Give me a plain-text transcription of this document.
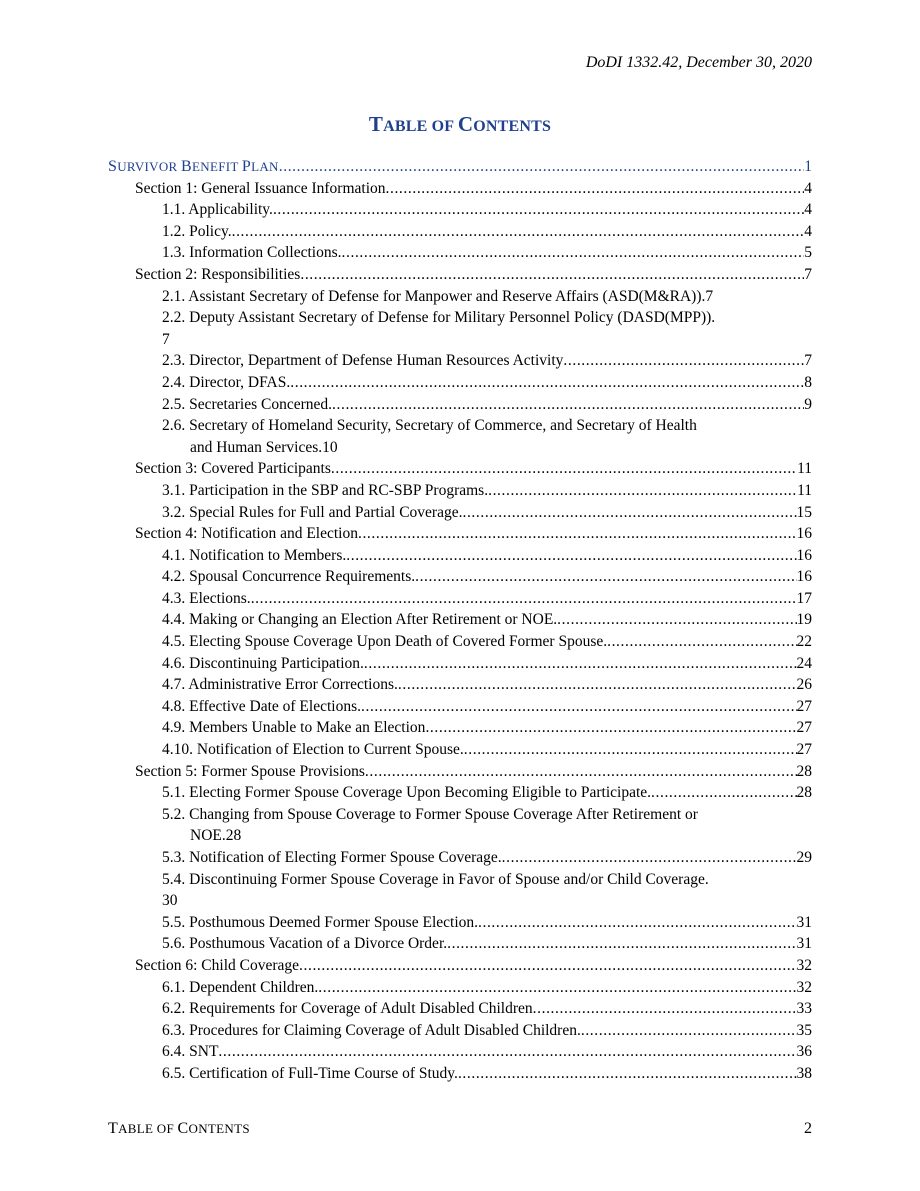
DoDI 1332.42, December 30, 2020
TABLE OF CONTENTS
SURVIVOR BENEFIT PLAN .....	1
Section 1: General Issuance Information .....	4
1.1. Applicability. .....	4
1.2. Policy. .....	4
1.3. Information Collections. .....	5
Section 2: Responsibilities .....	7
2.1. Assistant Secretary of Defense for Manpower and Reserve Affairs (ASD(M&RA)). 7
2.2. Deputy Assistant Secretary of Defense for Military Personnel Policy (DASD(MPP)).
7
2.3. Director, Department of Defense Human Resources Activity .....	7
2.4. Director, DFAS. .....	8
2.5. Secretaries Concerned. .....	9
2.6. Secretary of Homeland Security, Secretary of Commerce, and Secretary of Health
and Human Services. 10
Section 3: Covered Participants .....	11
3.1. Participation in the SBP and RC-SBP Programs. .....	11
3.2. Special Rules for Full and Partial Coverage. .....	15
Section 4: Notification and Election .....	16
4.1. Notification to Members. .....	16
4.2. Spousal Concurrence Requirements. .....	16
4.3. Elections. .....	17
4.4. Making or Changing an Election After Retirement or NOE. .....	19
4.5. Electing Spouse Coverage Upon Death of Covered Former Spouse. .....	22
4.6. Discontinuing Participation. .....	24
4.7. Administrative Error Corrections. .....	26
4.8. Effective Date of Elections. .....	27
4.9. Members Unable to Make an Election .....	27
4.10. Notification of Election to Current Spouse. .....	27
Section 5: Former Spouse Provisions .....	28
5.1. Electing Former Spouse Coverage Upon Becoming Eligible to Participate. .....	28
5.2. Changing from Spouse Coverage to Former Spouse Coverage After Retirement or
NOE. 28
5.3. Notification of Electing Former Spouse Coverage. .....	29
5.4. Discontinuing Former Spouse Coverage in Favor of Spouse and/or Child Coverage.
30
5.5. Posthumous Deemed Former Spouse Election. .....	31
5.6. Posthumous Vacation of a Divorce Order. .....	31
Section 6: Child Coverage .....	32
6.1. Dependent Children. .....	32
6.2. Requirements for Coverage of Adult Disabled Children .....	33
6.3. Procedures for Claiming Coverage of Adult Disabled Children. .....	35
6.4. SNT .....	36
6.5. Certification of Full-Time Course of Study. .....	38
TABLE OF CONTENTS	2
